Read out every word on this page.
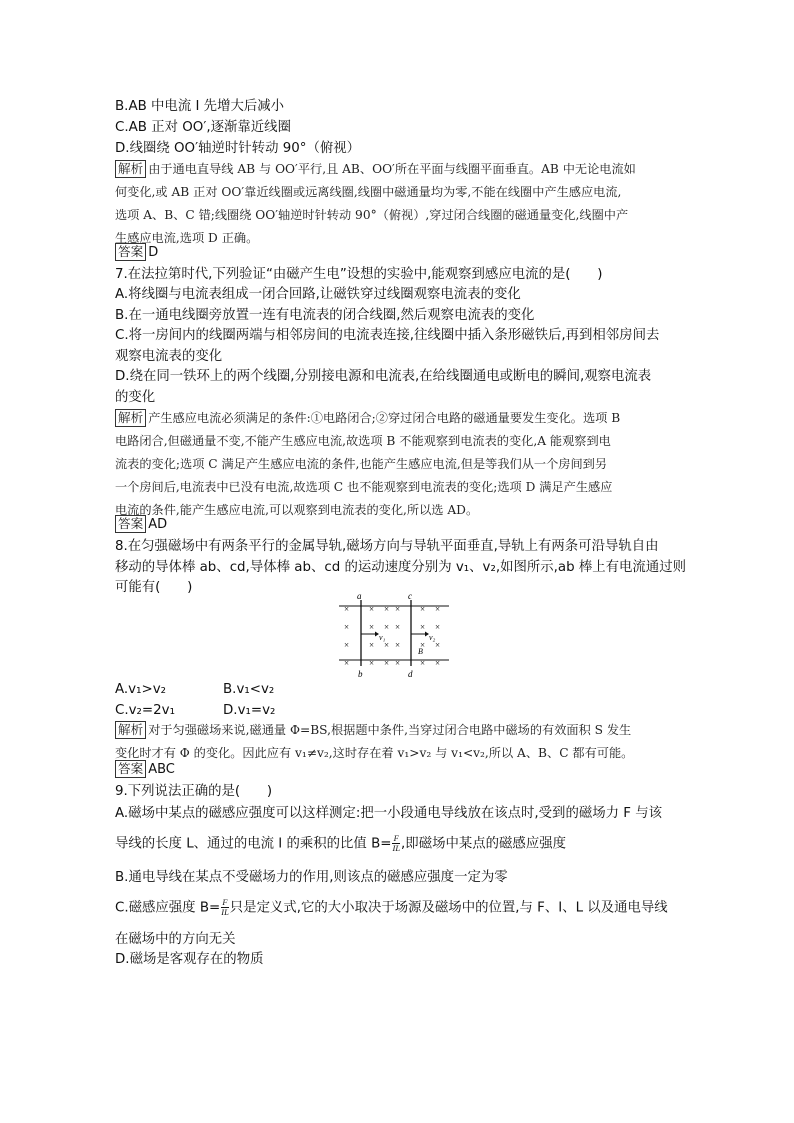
B.AB 中电流 I 先增大后减小
C.AB 正对 OO′,逐渐靠近线圈
D.线圈绕 OO′轴逆时针转动 90°（俯视）
解析 由于通电直导线 AB 与 OO′平行,且 AB、OO′所在平面与线圈平面垂直。AB 中无论电流如
何变化,或 AB 正对 OO′靠近线圈或远离线圈,线圈中磁通量均为零,不能在线圈中产生感应电流,
选项 A、B、C 错;线圈绕 OO′轴逆时针转动 90°（俯视）,穿过闭合线圈的磁通量变化,线圈中产
生感应电流,选项 D 正确。
答案 D
7.在法拉第时代,下列验证“由磁产生电”设想的实验中,能观察到感应电流的是(　　)
A.将线圈与电流表组成一闭合回路,让磁铁穿过线圈观察电流表的变化
B.在一通电线圈旁放置一连有电流表的闭合线圈,然后观察电流表的变化
C.将一房间内的线圈两端与相邻房间的电流表连接,往线圈中插入条形磁铁后,再到相邻房间去
观察电流表的变化
D.绕在同一铁环上的两个线圈,分别接电源和电流表,在给线圈通电或断电的瞬间,观察电流表
的变化
解析 产生感应电流必须满足的条件:①电路闭合;②穿过闭合电路的磁通量要发生变化。选项 B
电路闭合,但磁通量不变,不能产生感应电流,故选项 B 不能观察到电流表的变化,A 能观察到电
流表的变化;选项 C 满足产生感应电流的条件,也能产生感应电流,但是等我们从一个房间到另
一个房间后,电流表中已没有电流,故选项 C 也不能观察到电流表的变化;选项 D 满足产生感应
电流的条件,能产生感应电流,可以观察到电流表的变化,所以选 AD。
答案 AD
8.在匀强磁场中有两条平行的金属导轨,磁场方向与导轨平面垂直,导轨上有两条可沿导轨自由
移动的导体棒 ab、cd,导体棒 ab、cd 的运动速度分别为 v₁、v₂,如图所示,ab 棒上有电流通过则
可能有(　　)
× × × × × ×
× × × × × ×
× × × × × ×
× × × × × ×
a	c
b	d
v₁	v₂
B
A.v₁>v₂	B.v₁<v₂
C.v₂=2v₁	D.v₁=v₂
解析 对于匀强磁场来说,磁通量 Φ=BS,根据题中条件,当穿过闭合电路中磁场的有效面积 S 发生
变化时才有 Φ 的变化。因此应有 v₁≠v₂,这时存在着 v₁>v₂ 与 v₁<v₂,所以 A、B、C 都有可能。
答案 ABC
9.下列说法正确的是(　　)
A.磁场中某点的磁感应强度可以这样测定:把一小段通电导线放在该点时,受到的磁场力 F 与该
导线的长度 L、通过的电流 I 的乘积的比值 $B= \frac{F}{IL}$ ,即磁场中某点的磁感应强度
B.通电导线在某点不受磁场力的作用,则该点的磁感应强度一定为零
C.磁感应强度 $B= \frac{F}{IL}$ 只是定义式,它的大小取决于场源及磁场中的位置,与 F、I、L 以及通电导线
在磁场中的方向无关
D.磁场是客观存在的物质
